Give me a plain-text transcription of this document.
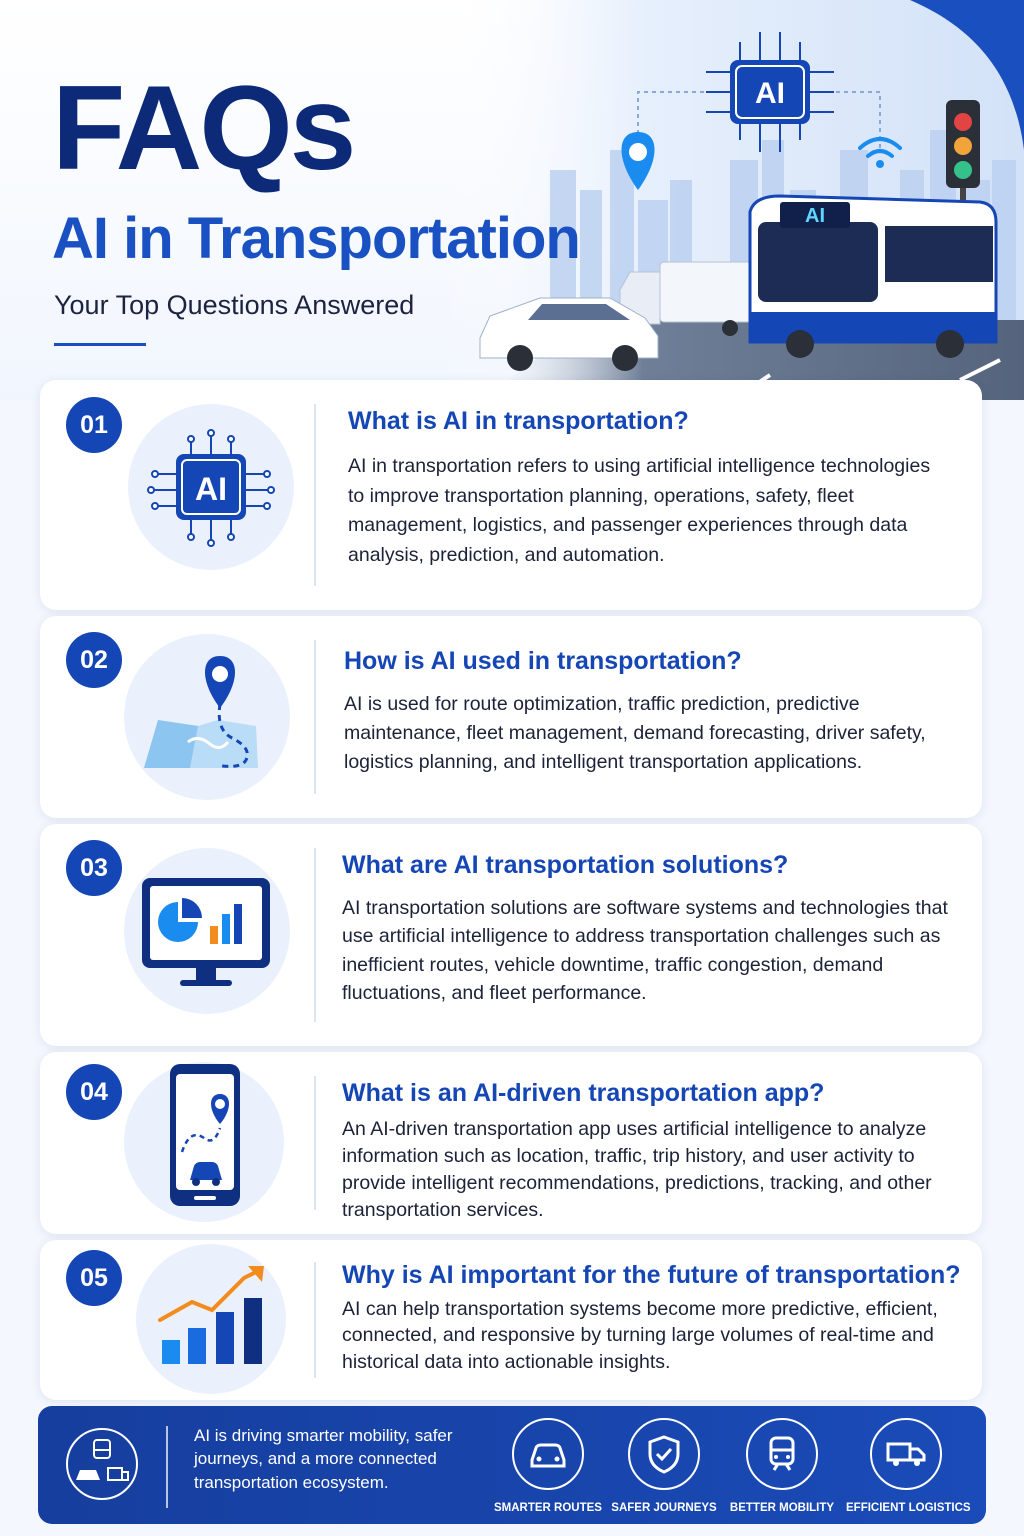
AI
AI
FAQs
AI in Transportation
Your Top Questions Answered
01
AI
What is AI in transportation?
AI in transportation refers to using artificial intelligence technologies to improve transportation planning, operations, safety, fleet management, logistics, and passenger experiences through data analysis, prediction, and automation.
02	How is AI used in transportation?
AI is used for route optimization, traffic prediction, predictive maintenance, fleet management, demand forecasting, driver safety, logistics planning, and intelligent transportation applications.
03	What are AI transportation solutions?
AI transportation solutions are software systems and technologies that use artificial intelligence to address transportation challenges such as inefficient routes, vehicle downtime, traffic congestion, demand fluctuations, and fleet performance.
04	What is an AI-driven transportation app?
An AI-driven transportation app uses artificial intelligence to analyze information such as location, traffic, trip history, and user activity to provide intelligent recommendations, predictions, tracking, and other transportation services.
05	Why is AI important for the future of transportation?
AI can help transportation systems become more predictive, efficient, connected, and responsive by turning large volumes of real-time and historical data into actionable insights.
AI is driving smarter mobility, safer journeys, and a more connected transportation ecosystem.
SMARTER ROUTES SAFER JOURNEYS	BETTER MOBILITY	EFFICIENT LOGISTICS
